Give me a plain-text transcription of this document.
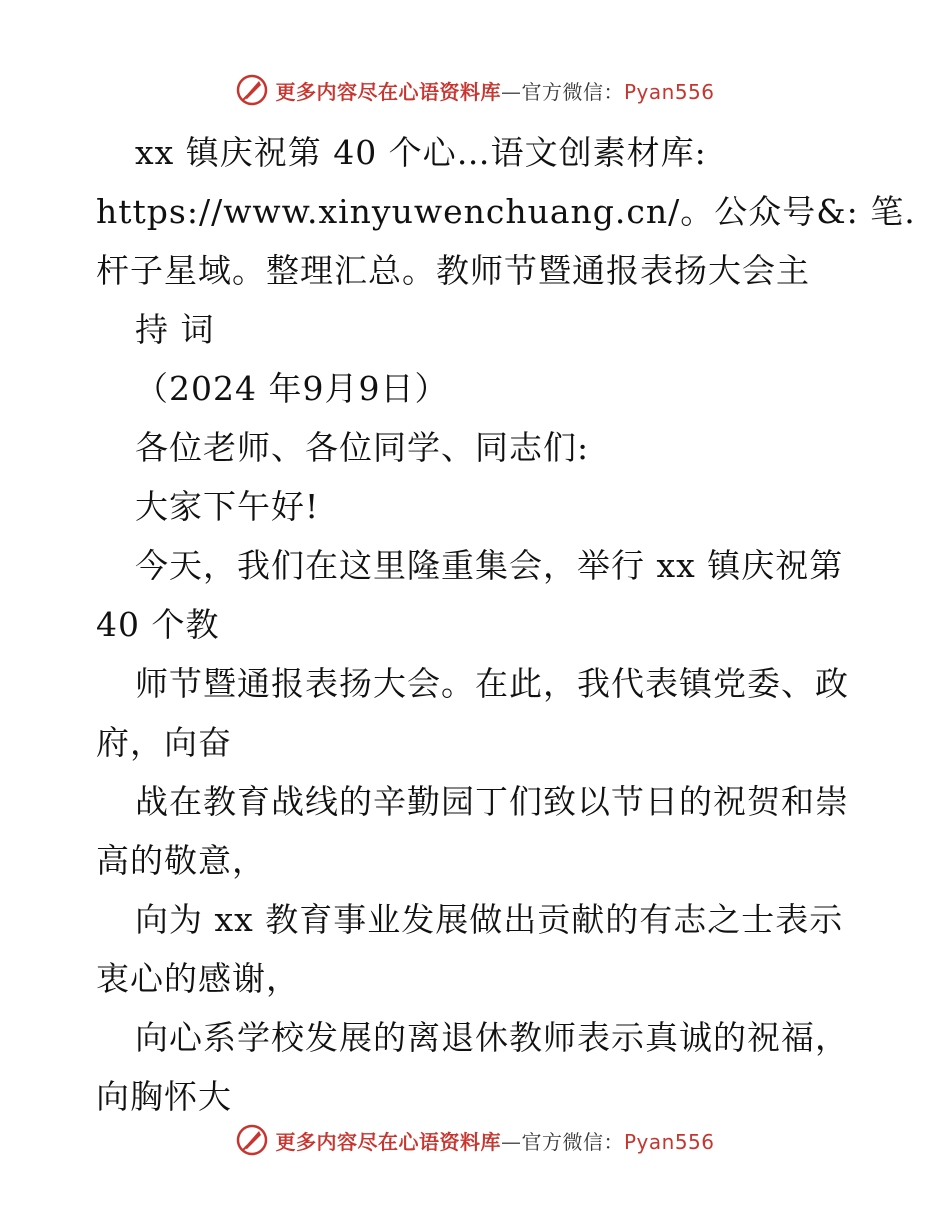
更多内容尽在心语资料库—官方微信：Pyan556
xx 镇庆祝第 40 个心…语文创素材库:
https://www.xinyuwenchuang.cn/。公众号&: 笔.
杆子星域。整理汇总。教师节暨通报表扬大会主
持 词
（2024 年9月9日）
各位老师、各位同学、同志们:
大家下午好!
今天，我们在这里隆重集会，举行 xx 镇庆祝第
40 个教
师节暨通报表扬大会。在此，我代表镇党委、政
府，向奋
战在教育战线的辛勤园丁们致以节日的祝贺和崇
高的敬意，
向为 xx 教育事业发展做出贡献的有志之士表示
衷心的感谢，
向心系学校发展的离退休教师表示真诚的祝福，
向胸怀大
更多内容尽在心语资料库—官方微信：Pyan556
